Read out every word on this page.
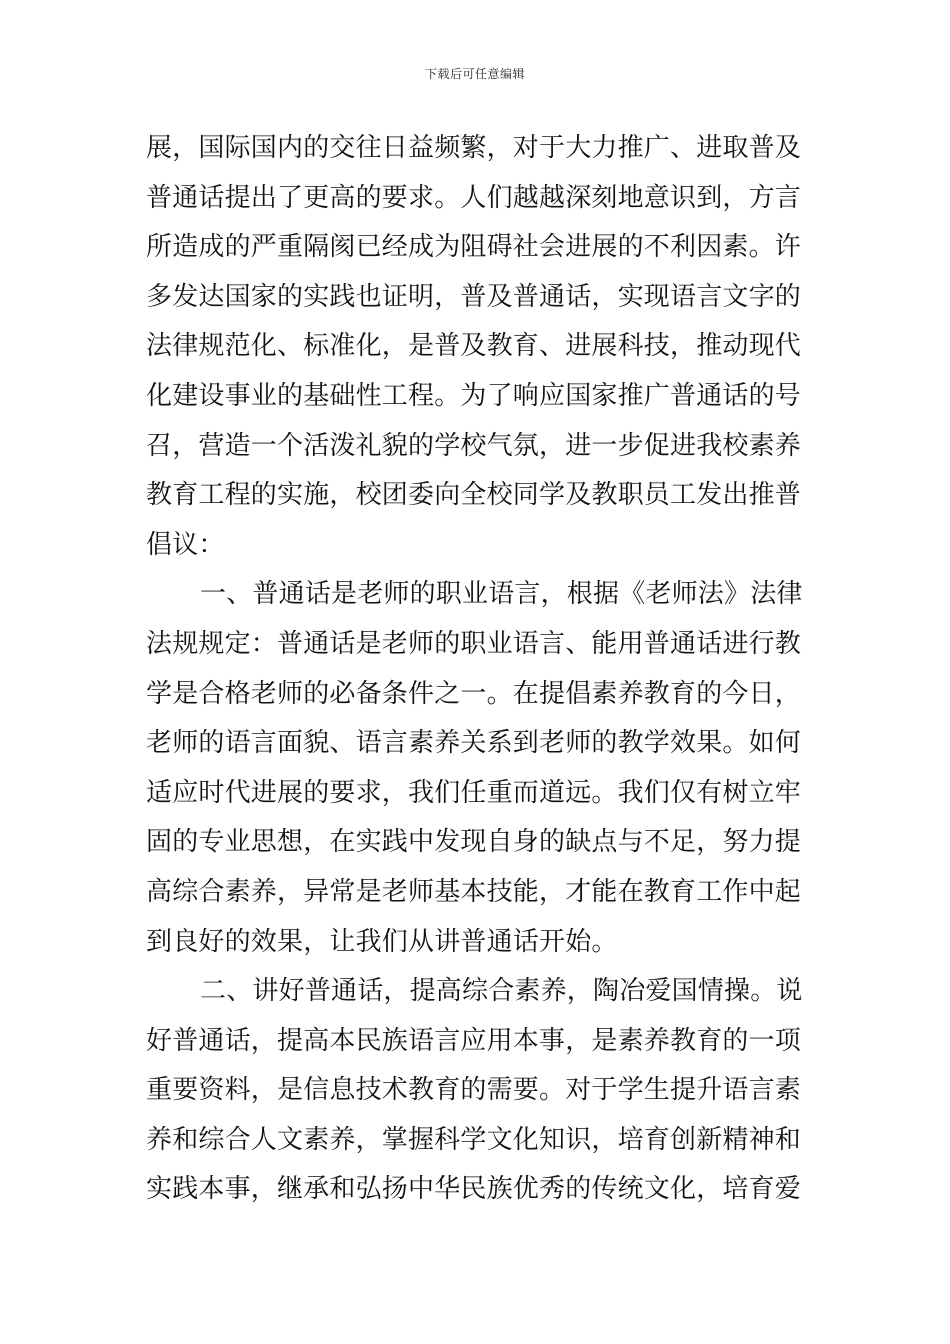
下载后可任意编辑
展，国际国内的交往日益频繁，对于大力推广、进取普及
普通话提出了更高的要求。人们越越深刻地意识到，方言
所造成的严重隔阂已经成为阻碍社会进展的不利因素。许
多发达国家的实践也证明，普及普通话，实现语言文字的
法律规范化、标准化，是普及教育、进展科技，推动现代
化建设事业的基础性工程。为了响应国家推广普通话的号
召，营造一个活泼礼貌的学校气氛，进一步促进我校素养
教育工程的实施，校团委向全校同学及教职员工发出推普
倡议：
一、普通话是老师的职业语言，根据《老师法》法律
法规规定：普通话是老师的职业语言、能用普通话进行教
学是合格老师的必备条件之一。在提倡素养教育的今日，
老师的语言面貌、语言素养关系到老师的教学效果。如何
适应时代进展的要求，我们任重而道远。我们仅有树立牢
固的专业思想，在实践中发现自身的缺点与不足，努力提
高综合素养，异常是老师基本技能，才能在教育工作中起
到良好的效果，让我们从讲普通话开始。
二、讲好普通话，提高综合素养，陶冶爱国情操。说
好普通话，提高本民族语言应用本事，是素养教育的一项
重要资料，是信息技术教育的需要。对于学生提升语言素
养和综合人文素养，掌握科学文化知识，培育创新精神和
实践本事，继承和弘扬中华民族优秀的传统文化，培育爱
